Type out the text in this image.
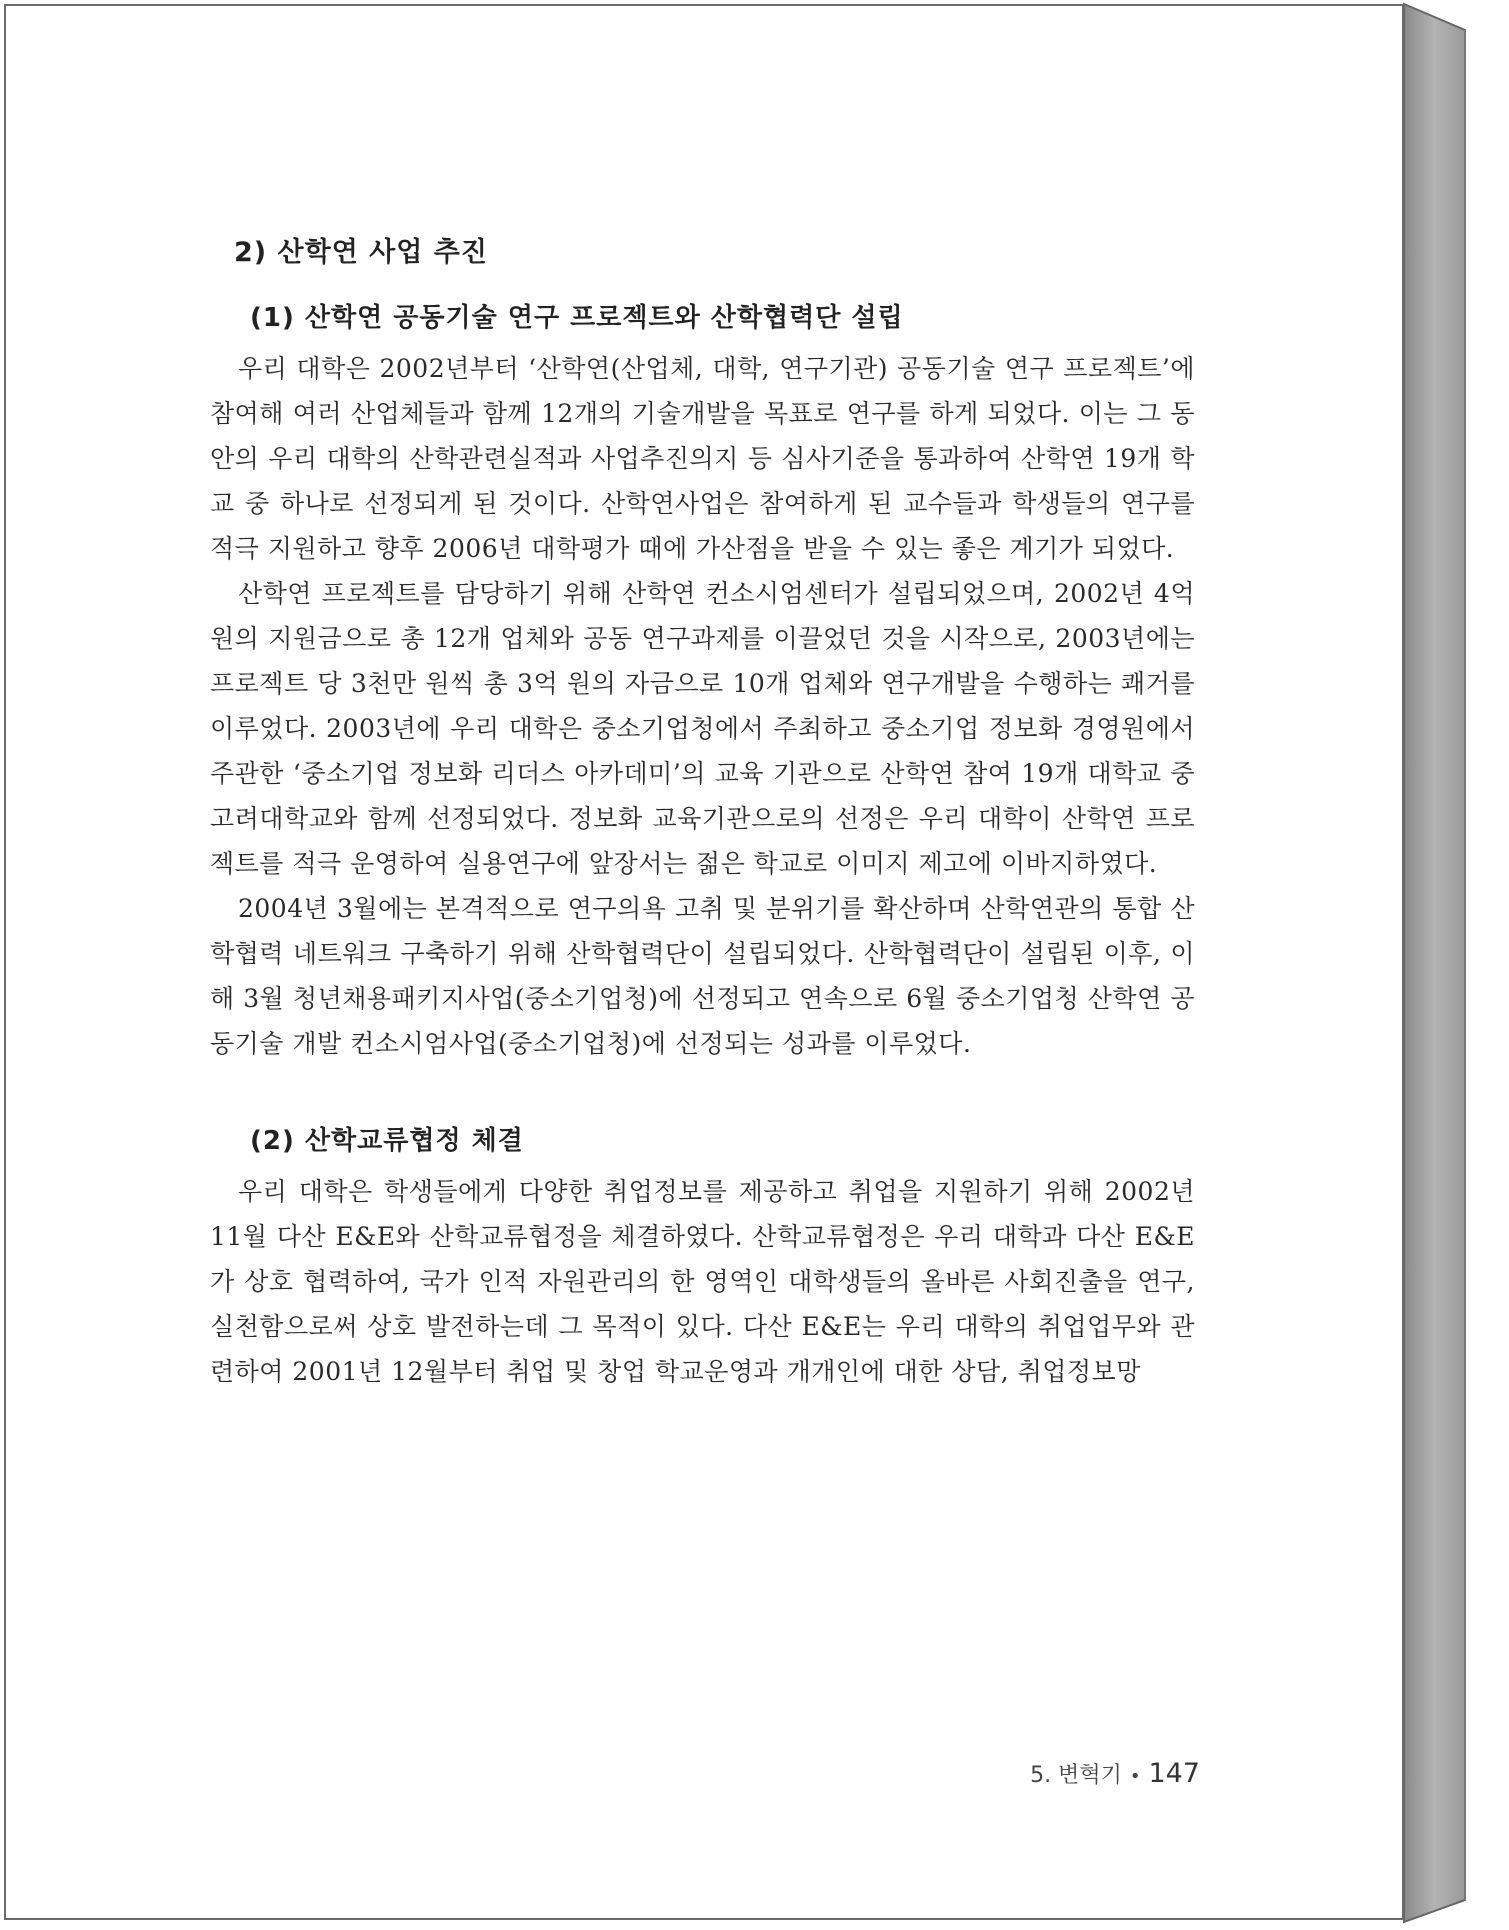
2) 산학연 사업 추진
(1) 산학연 공동기술 연구 프로젝트와 산학협력단 설립

우리 대학은 2002년부터 ‘산학연(산업체, 대학, 연구기관) 공동기술 연구 프로젝트’에 참여해 여러 산업체들과 함께 12개의 기술개발을 목표로 연구를 하게 되었다. 이는 그 동안의 우리 대학의 산학관련실적과 사업추진의지 등 심사기준을 통과하여 산학연 19개 학교 중 하나로 선정되게 된 것이다. 산학연사업은 참여하게 된 교수들과 학생들의 연구를 적극 지원하고 향후 2006년 대학평가 때에 가산점을 받을 수 있는 좋은 계기가 되었다.

산학연 프로젝트를 담당하기 위해 산학연 컨소시엄센터가 설립되었으며, 2002년 4억 원의 지원금으로 총 12개 업체와 공동 연구과제를 이끌었던 것을 시작으로, 2003년에는 프로젝트 당 3천만 원씩 총 3억 원의 자금으로 10개 업체와 연구개발을 수행하는 쾌거를 이루었다. 2003년에 우리 대학은 중소기업청에서 주최하고 중소기업 정보화 경영원에서 주관한 ‘중소기업 정보화 리더스 아카데미’의 교육 기관으로 산학연 참여 19개 대학교 중 고려대학교와 함께 선정되었다. 정보화 교육기관으로의 선정은 우리 대학이 산학연 프로젝트를 적극 운영하여 실용연구에 앞장서는 젊은 학교로 이미지 제고에 이바지하였다.

2004년 3월에는 본격적으로 연구의욕 고취 및 분위기를 확산하며 산학연관의 통합 산학협력 네트워크 구축하기 위해 산학협력단이 설립되었다. 산학협력단이 설립된 이후, 이 해 3월 청년채용패키지사업(중소기업청)에 선정되고 연속으로 6월 중소기업청 산학연 공동기술 개발 컨소시엄사업(중소기업청)에 선정되는 성과를 이루었다.

(2) 산학교류협정 체결

우리 대학은 학생들에게 다양한 취업정보를 제공하고 취업을 지원하기 위해 2002년 11월 다산 E&E와 산학교류협정을 체결하였다. 산학교류협정은 우리 대학과 다산 E&E가 상호 협력하여, 국가 인적 자원관리의 한 영역인 대학생들의 올바른 사회진출을 연구, 실천함으로써 상호 발전하는데 그 목적이 있다. 다산 E&E는 우리 대학의 취업업무와 관련하여 2001년 12월부터 취업 및 창업 학교운영과 개개인에 대한 상담, 취업정보망

5. 변혁기 • 147
